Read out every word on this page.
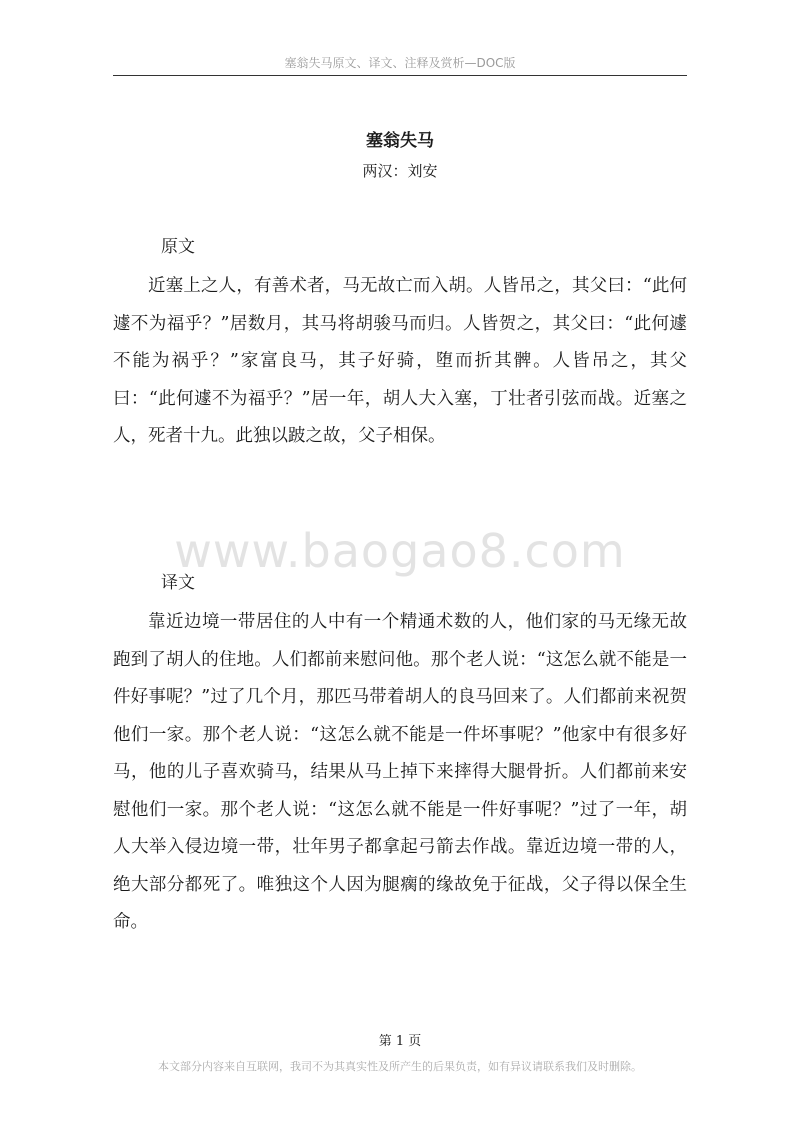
塞翁失马原文、译文、注释及赏析—DOC版
塞翁失马
两汉：刘安
原文

近塞上之人，有善术者，马无故亡而入胡。人皆吊之，其父曰：“此何遽不为福乎？”居数月，其马将胡骏马而归。人皆贺之，其父曰：“此何遽不能为祸乎？”家富良马，其子好骑，堕而折其髀。人皆吊之，其父曰：“此何遽不为福乎？”居一年，胡人大入塞，丁壮者引弦而战。近塞之人，死者十九。此独以跛之故，父子相保。

www.baogao8.com
译文

靠近边境一带居住的人中有一个精通术数的人，他们家的马无缘无故跑到了胡人的住地。人们都前来慰问他。那个老人说：“这怎么就不能是一件好事呢？”过了几个月，那匹马带着胡人的良马回来了。人们都前来祝贺他们一家。那个老人说：“这怎么就不能是一件坏事呢？”他家中有很多好马，他的儿子喜欢骑马，结果从马上掉下来摔得大腿骨折。人们都前来安慰他们一家。那个老人说：“这怎么就不能是一件好事呢？”过了一年，胡人大举入侵边境一带，壮年男子都拿起弓箭去作战。靠近边境一带的人，绝大部分都死了。唯独这个人因为腿瘸的缘故免于征战，父子得以保全生命。

第 1 页
本文部分内容来自互联网，我司不为其真实性及所产生的后果负责，如有异议请联系我们及时删除。
